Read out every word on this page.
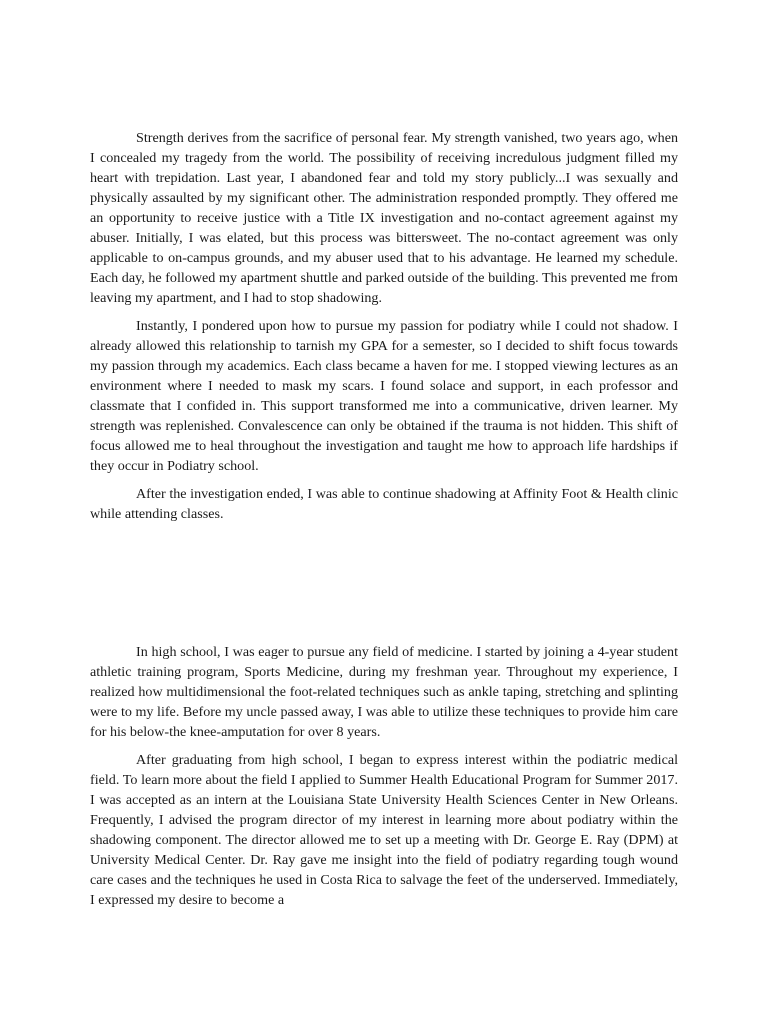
Strength derives from the sacrifice of personal fear. My strength vanished, two years ago, when I concealed my tragedy from the world. The possibility of receiving incredulous judgment filled my heart with trepidation. Last year, I abandoned fear and told my story publicly...I was sexually and physically assaulted by my significant other. The administration responded promptly. They offered me an opportunity to receive justice with a Title IX investigation and no-contact agreement against my abuser. Initially, I was elated, but this process was bittersweet. The no-contact agreement was only applicable to on-campus grounds, and my abuser used that to his advantage. He learned my schedule. Each day, he followed my apartment shuttle and parked outside of the building. This prevented me from leaving my apartment, and I had to stop shadowing.

Instantly, I pondered upon how to pursue my passion for podiatry while I could not shadow. I already allowed this relationship to tarnish my GPA for a semester, so I decided to shift focus towards my passion through my academics. Each class became a haven for me. I stopped viewing lectures as an environment where I needed to mask my scars. I found solace and support, in each professor and classmate that I confided in. This support transformed me into a communicative, driven learner. My strength was replenished. Convalescence can only be obtained if the trauma is not hidden. This shift of focus allowed me to heal throughout the investigation and taught me how to approach life hardships if they occur in Podiatry school.

After the investigation ended, I was able to continue shadowing at Affinity Foot & Health clinic while attending classes.

In high school, I was eager to pursue any field of medicine. I started by joining a 4-year student athletic training program, Sports Medicine, during my freshman year. Throughout my experience, I realized how multidimensional the foot-related techniques such as ankle taping, stretching and splinting were to my life. Before my uncle passed away, I was able to utilize these techniques to provide him care for his below-the knee-amputation for over 8 years.

After graduating from high school, I began to express interest within the podiatric medical field. To learn more about the field I applied to Summer Health Educational Program for Summer 2017. I was accepted as an intern at the Louisiana State University Health Sciences Center in New Orleans. Frequently, I advised the program director of my interest in learning more about podiatry within the shadowing component. The director allowed me to set up a meeting with Dr. George E. Ray (DPM) at University Medical Center. Dr. Ray gave me insight into the field of podiatry regarding tough wound care cases and the techniques he used in Costa Rica to salvage the feet of the underserved. Immediately, I expressed my desire to become a
